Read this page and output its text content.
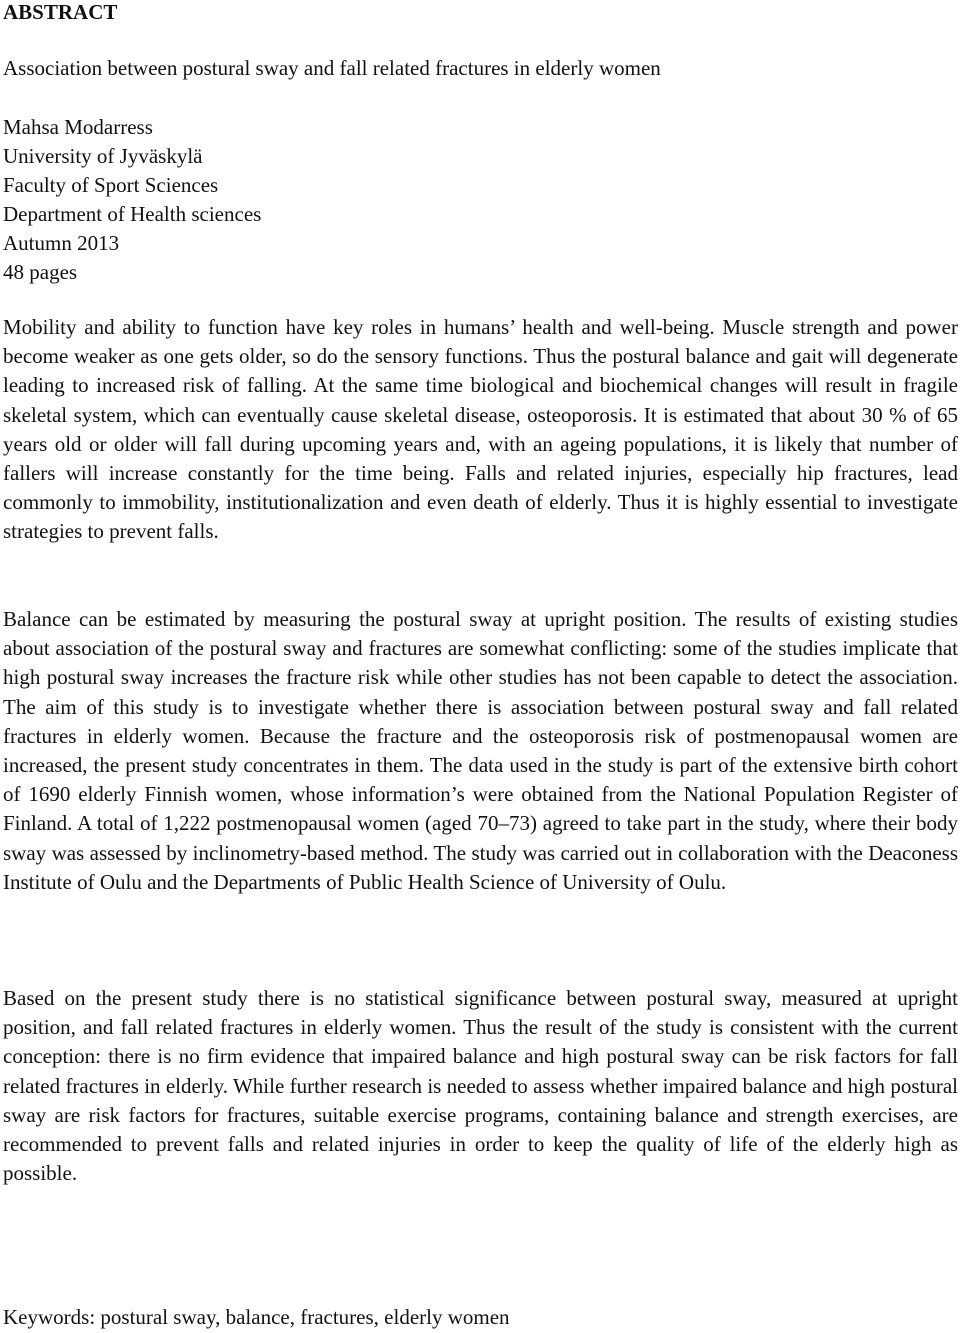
ABSTRACT

Association between postural sway and fall related fractures in elderly women

Mahsa Modarress
University of Jyväskylä
Faculty of Sport Sciences
Department of Health sciences
Autumn 2013
48 pages

Mobility and ability to function have key roles in humans’ health and well-being. Muscle strength and power become weaker as one gets older, so do the sensory functions. Thus the postural balance and gait will degenerate leading to increased risk of falling. At the same time biological and biochemical changes will result in fragile skeletal system, which can eventually cause skeletal disease, osteoporosis. It is estimated that about 30 % of 65 years old or older will fall during upcoming years and, with an ageing populations, it is likely that number of fallers will increase constantly for the time being. Falls and related injuries, especially hip fractures, lead commonly to immobility, institutionalization and even death of elderly. Thus it is highly essential to investigate strategies to prevent falls.

Balance can be estimated by measuring the postural sway at upright position. The results of existing studies about association of the postural sway and fractures are somewhat conflicting: some of the studies implicate that high postural sway increases the fracture risk while other studies has not been capable to detect the association. The aim of this study is to investigate whether there is association between postural sway and fall related fractures in elderly women. Because the fracture and the osteoporosis risk of postmenopausal women are increased, the present study concentrates in them. The data used in the study is part of the extensive birth cohort of 1690 elderly Finnish women, whose information’s were obtained from the National Population Register of Finland. A total of 1,222 postmenopausal women (aged 70–73) agreed to take part in the study, where their body sway was assessed by inclinometry-based method. The study was carried out in collaboration with the Deaconess Institute of Oulu and the Departments of Public Health Science of University of Oulu.

Based on the present study there is no statistical significance between postural sway, measured at upright position, and fall related fractures in elderly women. Thus the result of the study is consistent with the current conception: there is no firm evidence that impaired balance and high postural sway can be risk factors for fall related fractures in elderly. While further research is needed to assess whether impaired balance and high postural sway are risk factors for fractures, suitable exercise programs, containing balance and strength exercises, are recommended to prevent falls and related injuries in order to keep the quality of life of the elderly high as possible.

Keywords: postural sway, balance, fractures, elderly women
